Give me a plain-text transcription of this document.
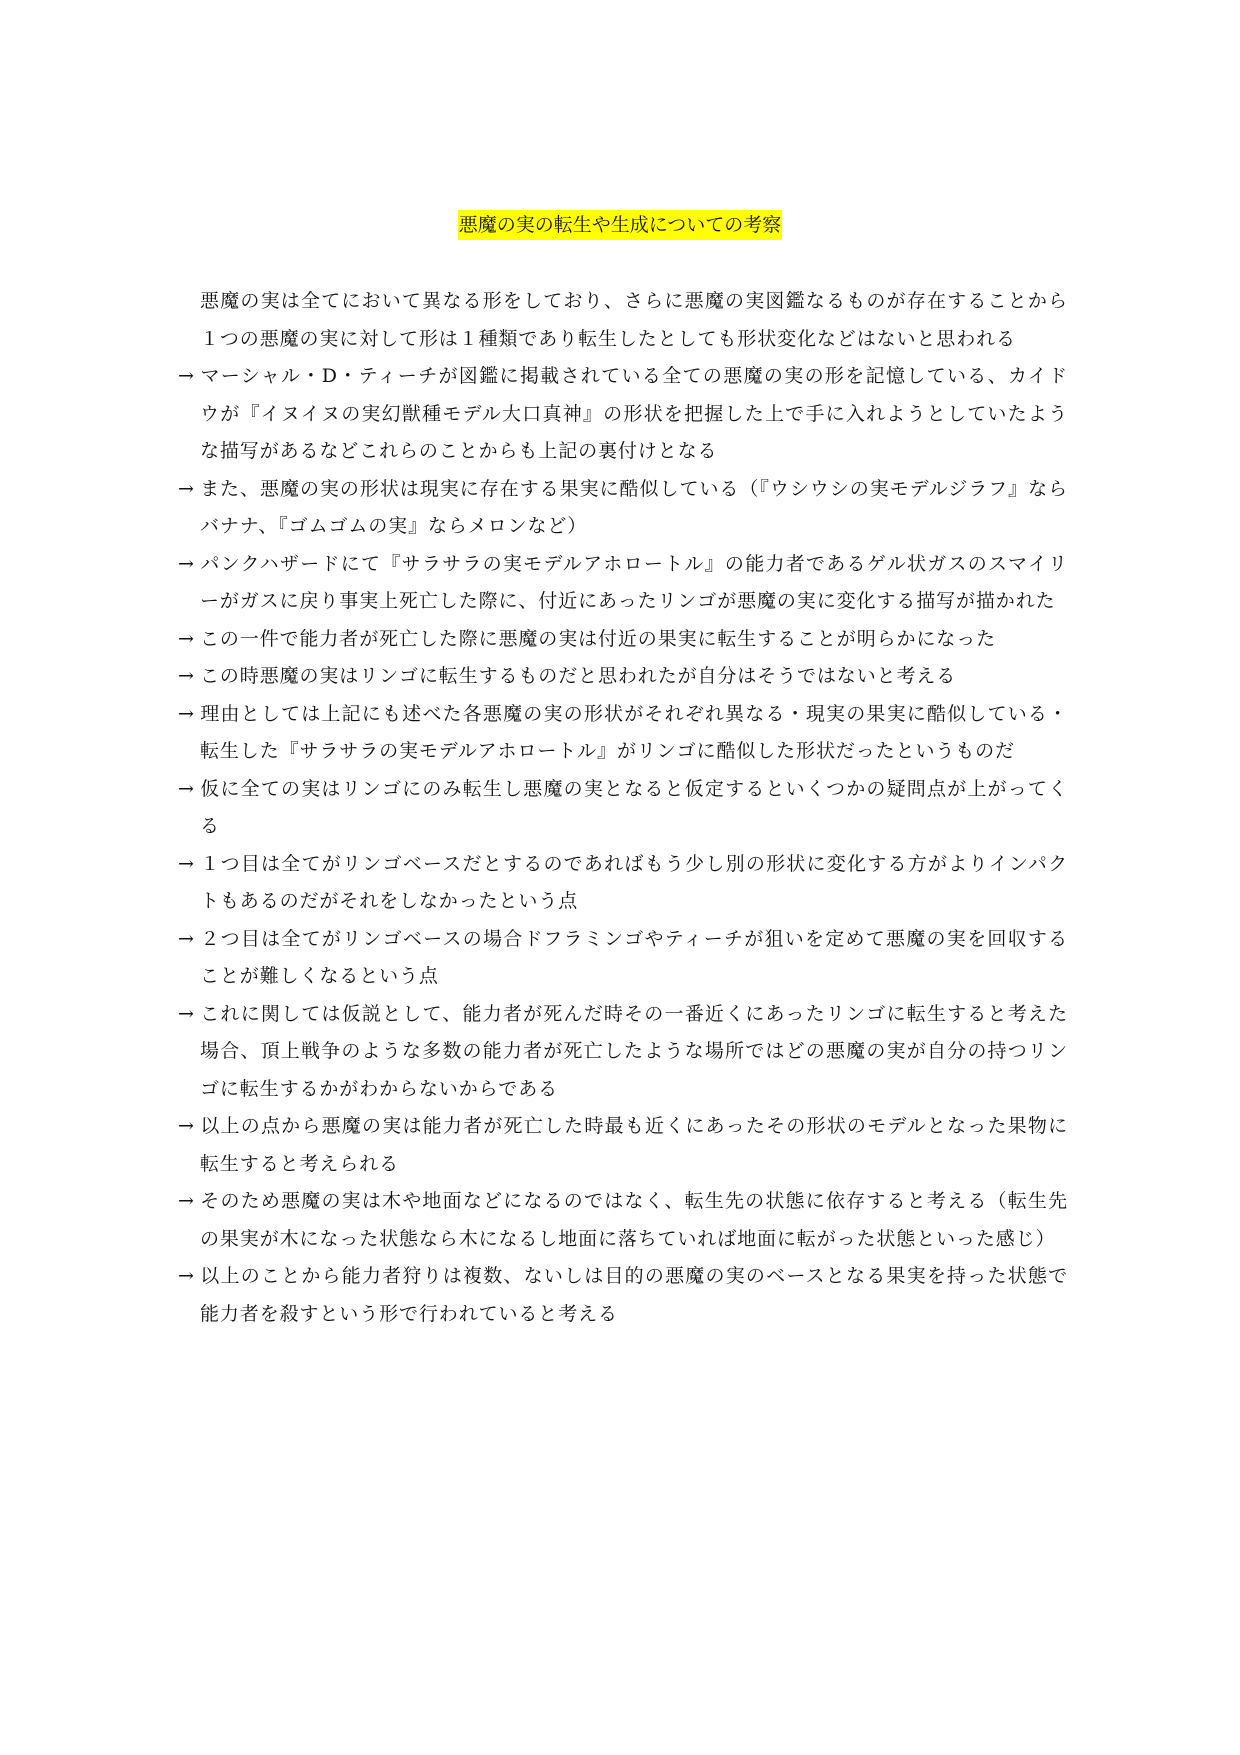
悪魔の実の転生や生成についての考察

悪魔の実は全てにおいて異なる形をしており、さらに悪魔の実図鑑なるものが存在することから１つの悪魔の実に対して形は１種類であり転生したとしても形状変化などはないと思われる

→ マーシャル・D・ティーチが図鑑に掲載されている全ての悪魔の実の形を記憶している、カイドウが『イヌイヌの実幻獣種モデル大口真神』の形状を把握した上で手に入れようとしていたような描写があるなどこれらのことからも上記の裏付けとなる

→ また、悪魔の実の形状は現実に存在する果実に酷似している（『ウシウシの実モデルジラフ』ならバナナ、『ゴムゴムの実』ならメロンなど）

→ パンクハザードにて『サラサラの実モデルアホロートル』の能力者であるゲル状ガスのスマイリーがガスに戻り事実上死亡した際に、付近にあったリンゴが悪魔の実に変化する描写が描かれた

→ この一件で能力者が死亡した際に悪魔の実は付近の果実に転生することが明らかになった

→ この時悪魔の実はリンゴに転生するものだと思われたが自分はそうではないと考える

→ 理由としては上記にも述べた各悪魔の実の形状がそれぞれ異なる・現実の果実に酷似している・転生した『サラサラの実モデルアホロートル』がリンゴに酷似した形状だったというものだ

→ 仮に全ての実はリンゴにのみ転生し悪魔の実となると仮定するといくつかの疑問点が上がってくる

→ １つ目は全てがリンゴベースだとするのであればもう少し別の形状に変化する方がよりインパクトもあるのだがそれをしなかったという点

→ ２つ目は全てがリンゴベースの場合ドフラミンゴやティーチが狙いを定めて悪魔の実を回収することが難しくなるという点

→ これに関しては仮説として、能力者が死んだ時その一番近くにあったリンゴに転生すると考えた場合、頂上戦争のような多数の能力者が死亡したような場所ではどの悪魔の実が自分の持つリンゴに転生するかがわからないからである

→ 以上の点から悪魔の実は能力者が死亡した時最も近くにあったその形状のモデルとなった果物に転生すると考えられる

→ そのため悪魔の実は木や地面などになるのではなく、転生先の状態に依存すると考える（転生先の果実が木になった状態なら木になるし地面に落ちていれば地面に転がった状態といった感じ）

→ 以上のことから能力者狩りは複数、ないしは目的の悪魔の実のベースとなる果実を持った状態で能力者を殺すという形で行われていると考える
